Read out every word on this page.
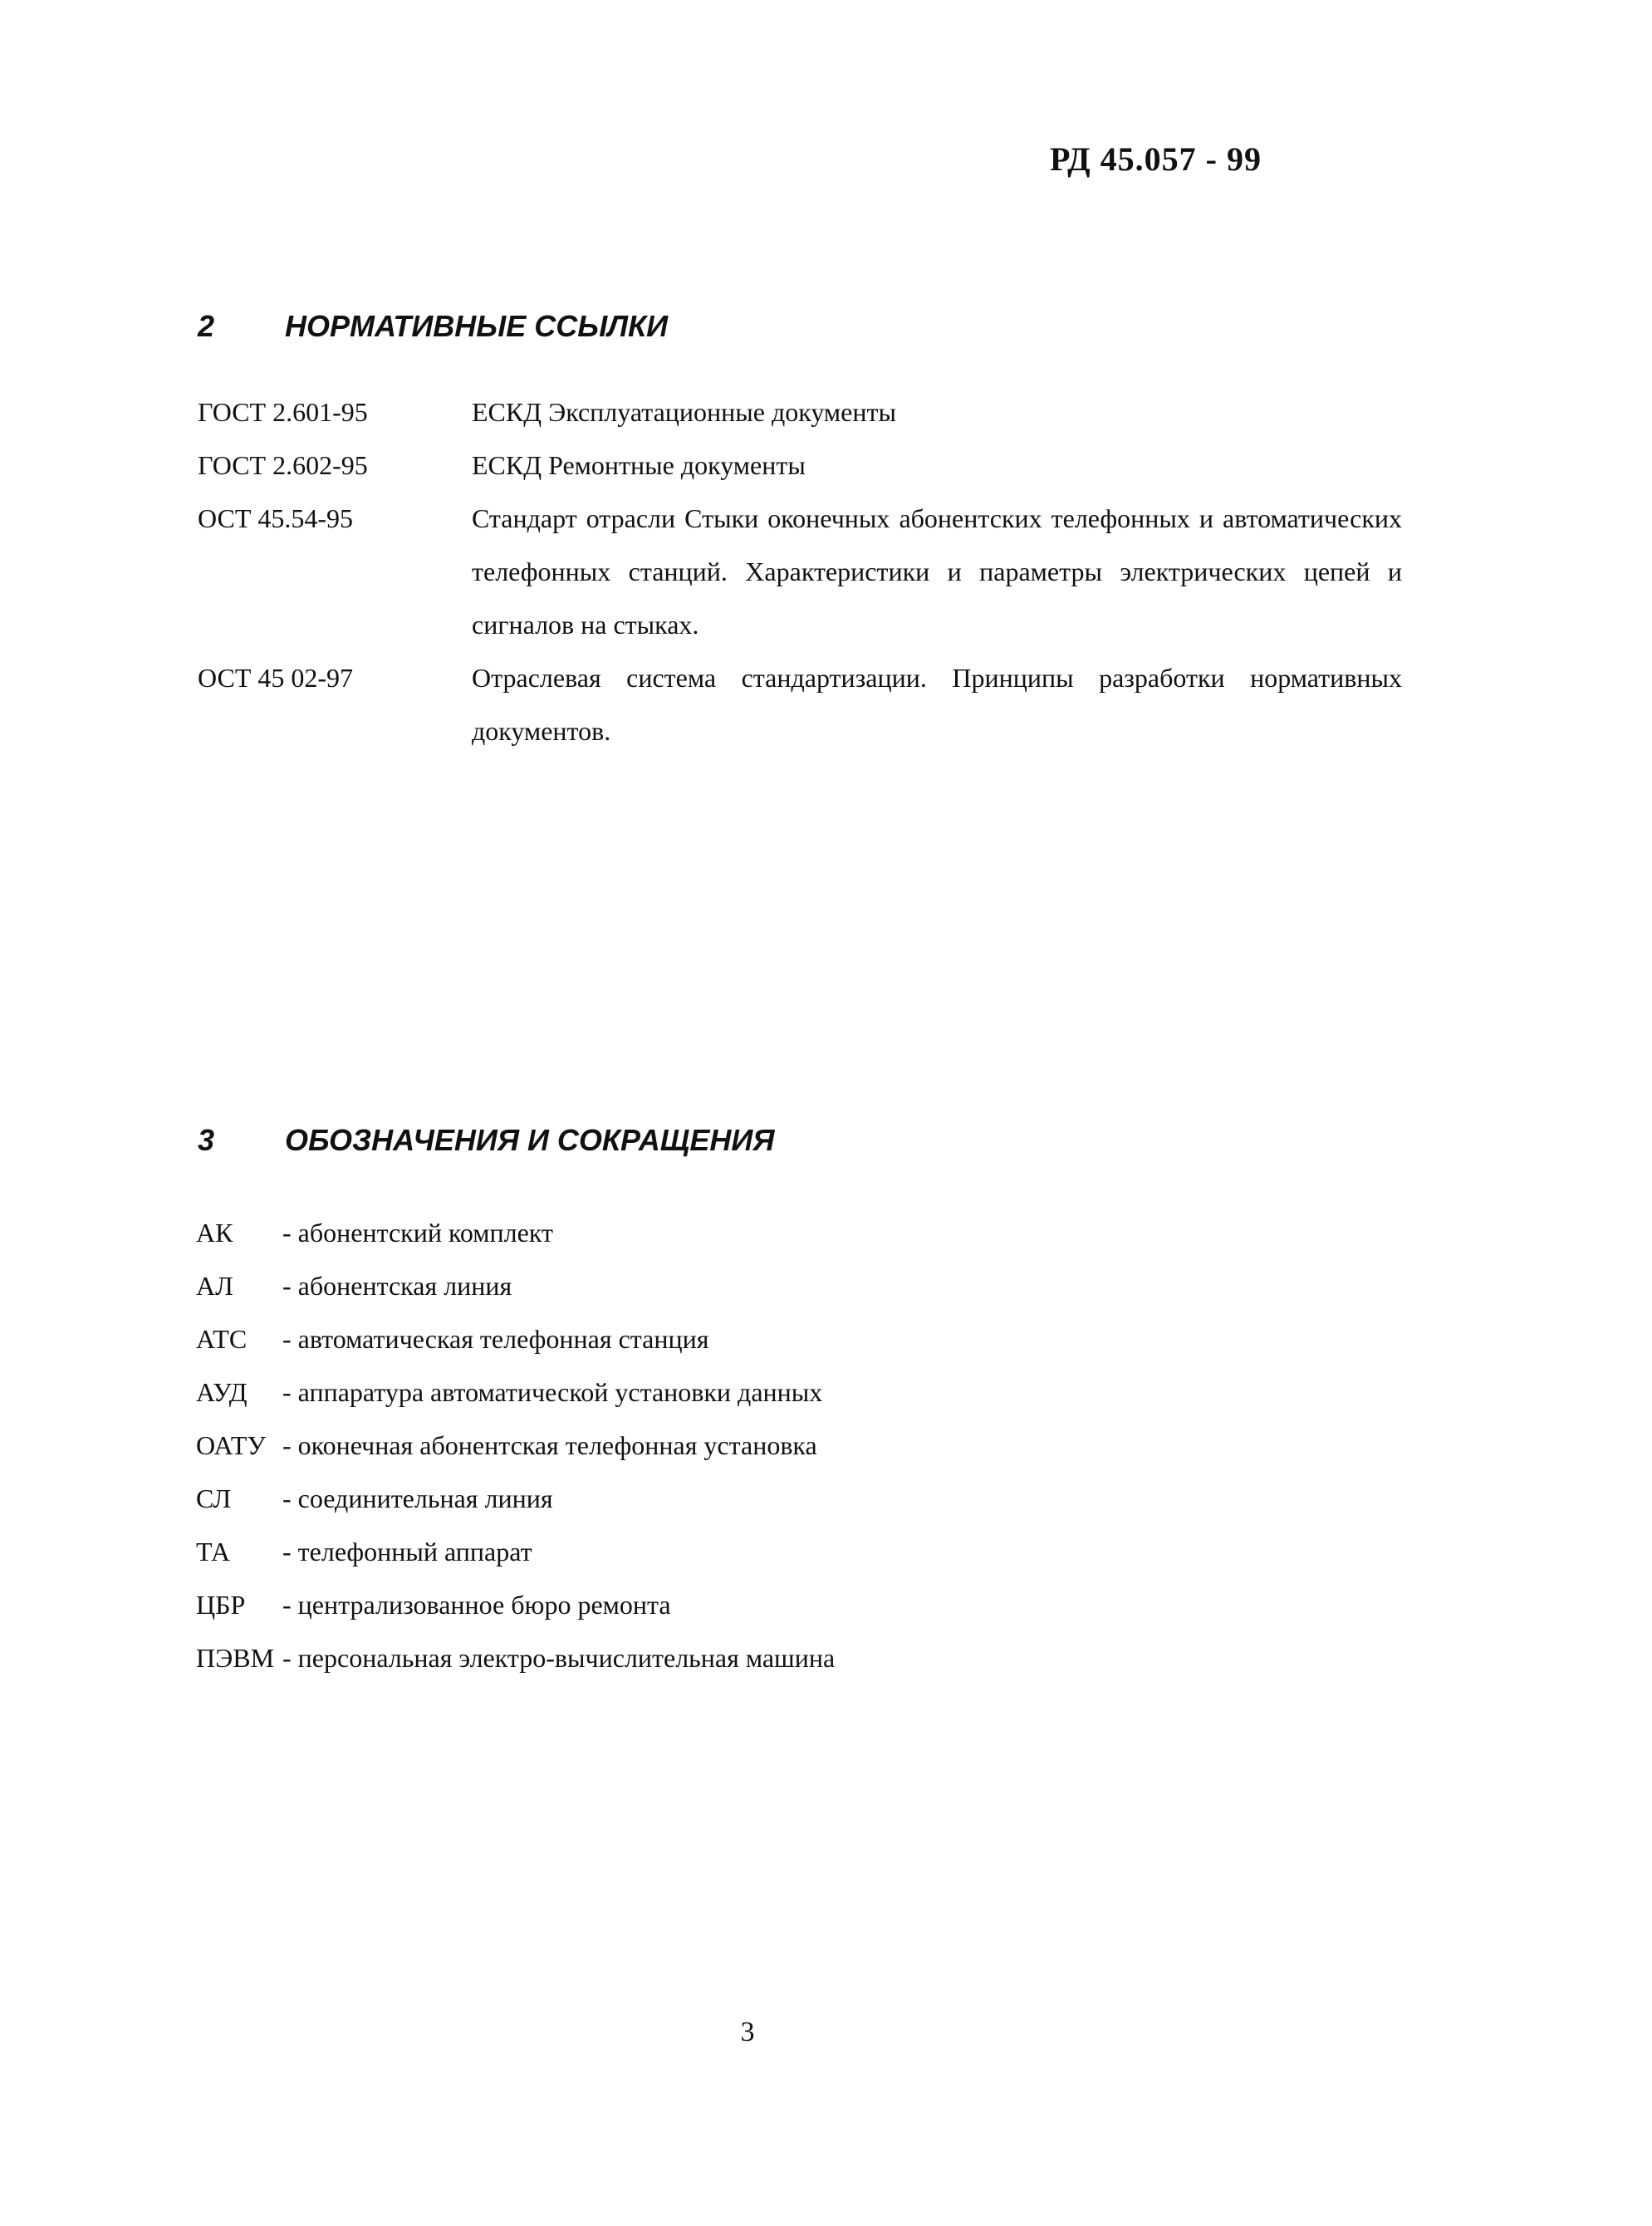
РД 45.057 - 99
2	НОРМАТИВНЫЕ ССЫЛКИ
ГОСТ 2.601-95	ЕСКД Эксплуатационные документы
ГОСТ 2.602-95	ЕСКД Ремонтные документы
ОСТ 45.54-95	Стандарт отрасли Стыки оконечных абонентских телефонных и автоматических телефонных станций. Характеристики и параметры электрических цепей и сигналов на стыках.
ОСТ 45 02-97	Отраслевая система стандартизации. Принципы разработки нормативных документов.
3	ОБОЗНАЧЕНИЯ И СОКРАЩЕНИЯ
АК	- абонентский комплект
АЛ	- абонентская линия
АТС	- автоматическая телефонная станция
АУД	- аппаратура автоматической установки данных
ОАТУ - оконечная абонентская телефонная установка
СЛ	- соединительная линия
ТА	- телефонный аппарат
ЦБР	- централизованное бюро ремонта
ПЭВМ - персональная электро-вычислительная машина
3
